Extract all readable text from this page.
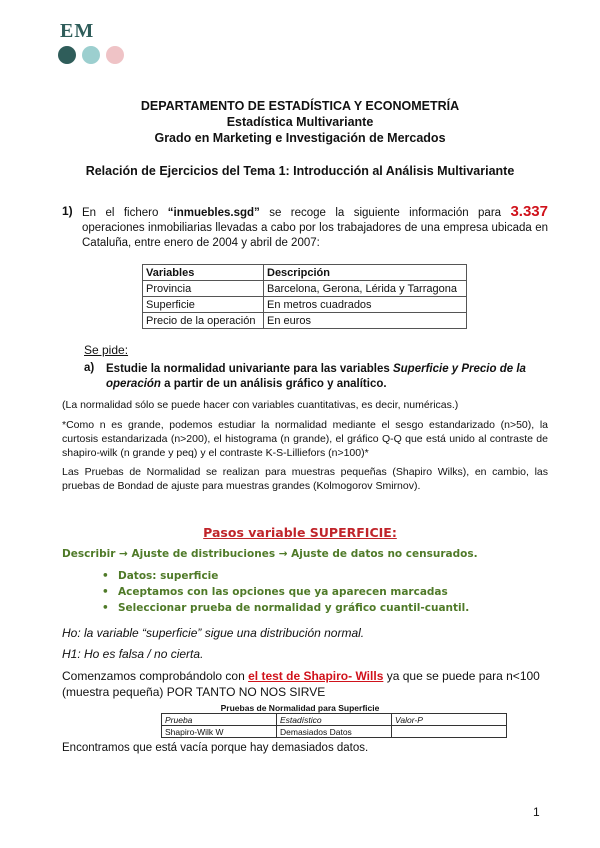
EM
DEPARTAMENTO DE ESTADÍSTICA Y ECONOMETRÍA
Estadística Multivariante
Grado en Marketing e Investigación de Mercados
Relación de Ejercicios del Tema 1: Introducción al Análisis Multivariante
1) En el fichero “inmuebles.sgd” se recoge la siguiente información para 3.337 operaciones inmobiliarias llevadas a cabo por los trabajadores de una empresa ubicada en Cataluña, entre enero de 2004 y abril de 2007:
Variables	Descripción
Provincia	Barcelona, Gerona, Lérida y Tarragona
Superficie	En metros cuadrados
Precio de la operación	En euros
Se pide:
a) Estudie la normalidad univariante para las variables Superficie y Precio de la operación a partir de un análisis gráfico y analítico.
(La normalidad sólo se puede hacer con variables cuantitativas, es decir, numéricas.)
*Como n es grande, podemos estudiar la normalidad mediante el sesgo estandarizado (n>50), la curtosis estandarizada (n>200), el histograma (n grande), el gráfico Q-Q que está unido al contraste de shapiro-wilk (n grande y peq) y el contraste K-S-Lilliefors (n>100)*
Las Pruebas de Normalidad se realizan para muestras pequeñas (Shapiro Wilks), en cambio, las pruebas de Bondad de ajuste para muestras grandes (Kolmogorov Smirnov).
Pasos variable SUPERFICIE:
Describir → Ajuste de distribuciones → Ajuste de datos no censurados.
• Datos: superficie
• Aceptamos con las opciones que ya aparecen marcadas
• Seleccionar prueba de normalidad y gráfico cuantil-cuantil.
Ho: la variable “superficie” sigue una distribución normal.
H1: Ho es falsa / no cierta.
Comenzamos comprobándolo con el test de Shapiro- Wills ya que se puede para n<100 (muestra pequeña) POR TANTO NO NOS SIRVE
Pruebas de Normalidad para Superficie
Prueba	Estadístico	Valor-P
Shapiro-Wilk W	Demasiados Datos	
Encontramos que está vacía porque hay demasiados datos.
1
